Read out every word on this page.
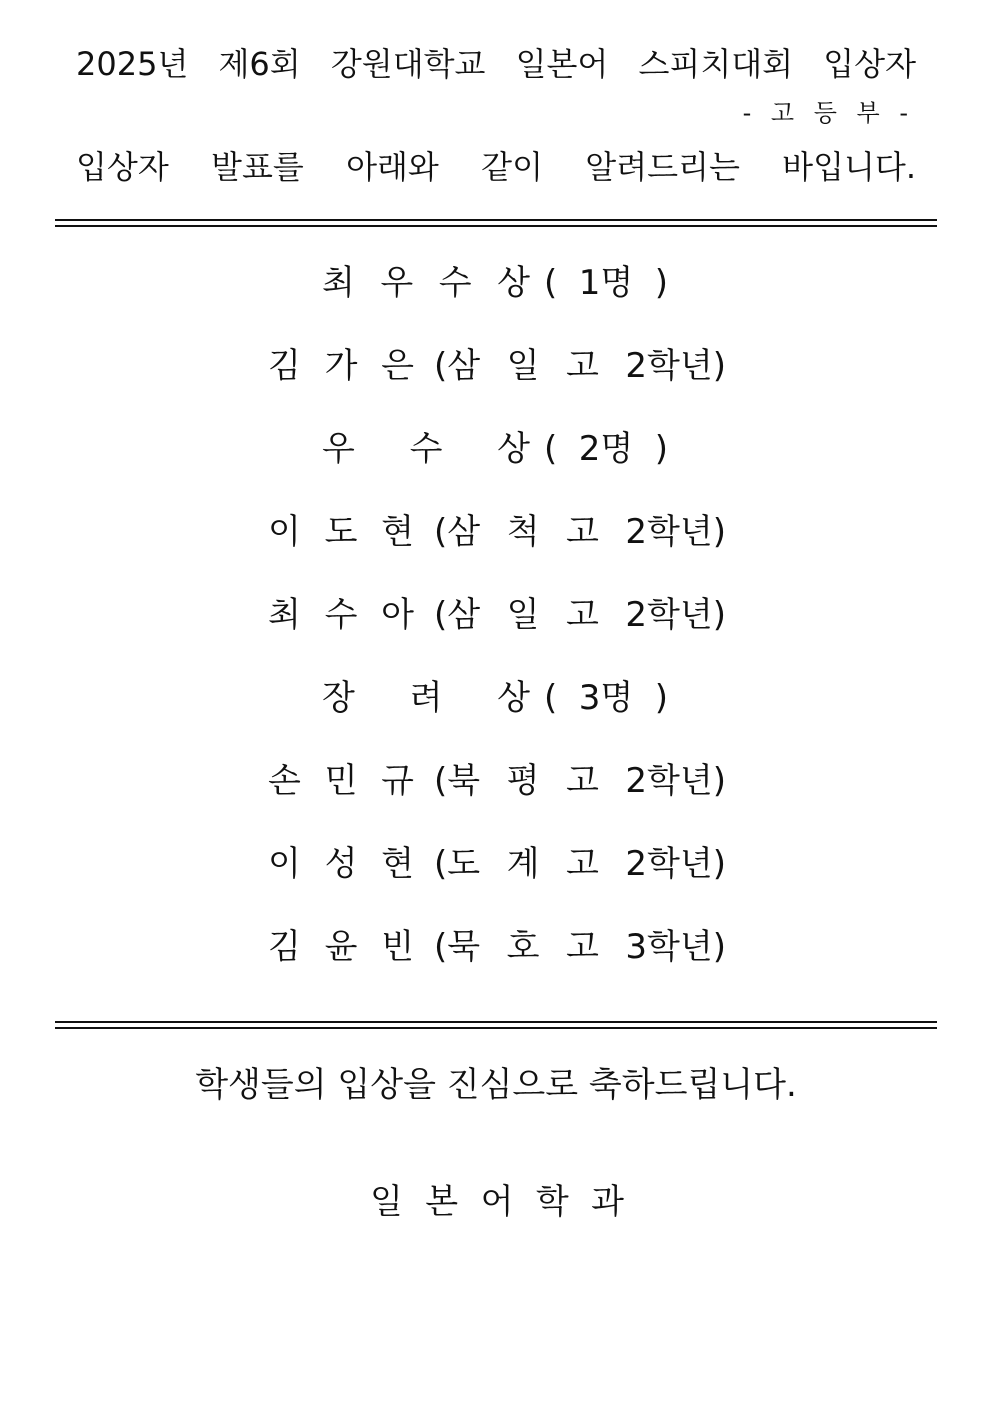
2025년 제6회 강원대학교 일본어 스피치대회 입상자
- 고 등 부 -
입상자 발표를 아래와 같이 알려드리는 바입니다.
최 우 수 상 ( 1명 )
김 가 은 (삼 일 고 2학년)
우 수 상 ( 2명 )
이 도 현 (삼 척 고 2학년)
최 수 아 (삼 일 고 2학년)
장 려 상 ( 3명 )
손 민 규 (북 평 고 2학년)
이 성 현 (도 계 고 2학년)
김 윤 빈 (묵 호 고 3학년)
학생들의 입상을 진심으로 축하드립니다.
일 본 어 학 과
